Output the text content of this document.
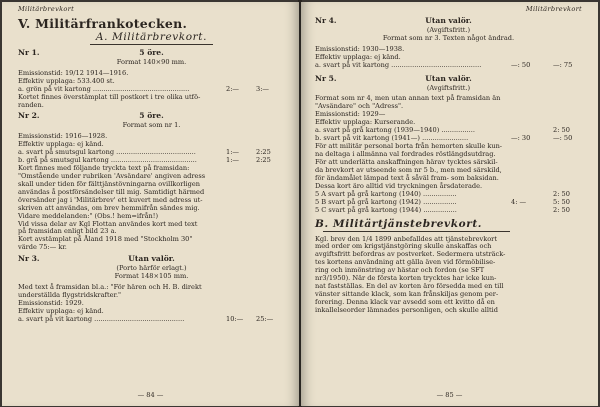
Militärbrevkort
V. Militärfrankotecken.
A. Militärbrevkort.
Nr 1.	5 öre.
Format 140×90 mm.
Emissionstid: 19/12 1914—1916.
Effektiv upplaga: 533.400 st.
a. grön på vit kartong ..............................................	2:—	3:—
Kortet finnes överstämplat till postkort i tre olika utfö-
randen.
Nr 2.	5 öre.
Format som nr 1.
Emissionstid: 1916—1928.
Effektiv upplaga: ej känd.
a. svart på smutsgul kartong ......................................	1:—	2:25
b. grå på smutsgul kartong .........................................	1:—	2:25
Kort finnes med följande tryckta text på framsidan:
"Omstående under rubriken 'Avsändare' angiven adress
skall under tiden för fälttjänstövningarna ovillkorligen
användas å postförsändelser till mig. Samtidigt härmed
översänder jag i 'Militärbrev' ett kuvert med adress ut-
skriven att användas, om brev hemmifrån sändes mig.
Vidare meddelanden:" (Obs.! hem=ifrån!)
Vid vissa delar av Kgl Flottan användes kort med text
på framsidan enligt bild 23 a.
Kort avstämplat på Åland 1918 med "Stockholm 30"
värde 75:— kr.
Nr 3.	Utan valör.
(Porto härför erlagt.)
Format 148×105 mm.
Med text å framsidan bl.a.: "För hären och H. B. direkt
underställda flygstridskrafter."
Emissionstid: 1929.
Effektiv upplaga: ej känd.
a. svart på vit kartong ...........................................	10:— 25:—
— 84 —
Militärbrevkort
Nr 4.	Utan valör.
(Avgiftsfritt.)
Format som nr 3. Texten något ändrad.
Emissionstid: 1930—1938.
Effektiv upplaga: ej känd.
a. svart på vit kartong ...........................................	—: 50	—: 75
Nr 5.	Utan valör.
(Avgiftsfritt.)
Format som nr 4, men utan annan text på framsidan än
"Avsändare" och "Adress".
Emissionstid: 1929—
Effektiv upplaga: Kurserande.
a. svart på grå kartong (1939—1940) ................	2: 50
b. svart på vit kartong (1941—) ......................	—: 30	—: 50
För att militär personal borta från hemorten skulle kun-
na deltaga i allmänna val fordrades röstlängdsutdrag.
För att underlätta anskaffningen härav tycktes särskil-
da brevkort av utseende som nr 5 b., men med särskild,
för ändamålet lämpad text å såväl fram- som baksidan.
Dessa kort äro alltid vid tryckningen årsdaterade.
5 A svart på grå kartong (1940) ................	2: 50
5 B svart på grå kartong (1942) ................	4: —	5: 50
5 C svart på grå kartong (1944) ................	2: 50
B. Militärtjänstebrevkort.
Kgl. brev den 1/4 1899 anbefalldes att tjänstebrevkort
med order om krigstjänstgöring skulle anskaffas och
avgiftsfritt befordras av postverket. Sedermera utsträck-
tes kortens användning att gälla även vid förmöbilise-
ring och inmönstring av hästar och fordon (se SFT
nr3/1950). När de första korten trycktes har icke kun-
nat fastställas. En del av korten äro försedda med en till
vänster sittande klack, som kan frånskiljas genom per-
forering. Denna klack var avsedd som ett kvitto då en
inkallelseorder lämnades personligen, och skulle alltid
— 85 —
